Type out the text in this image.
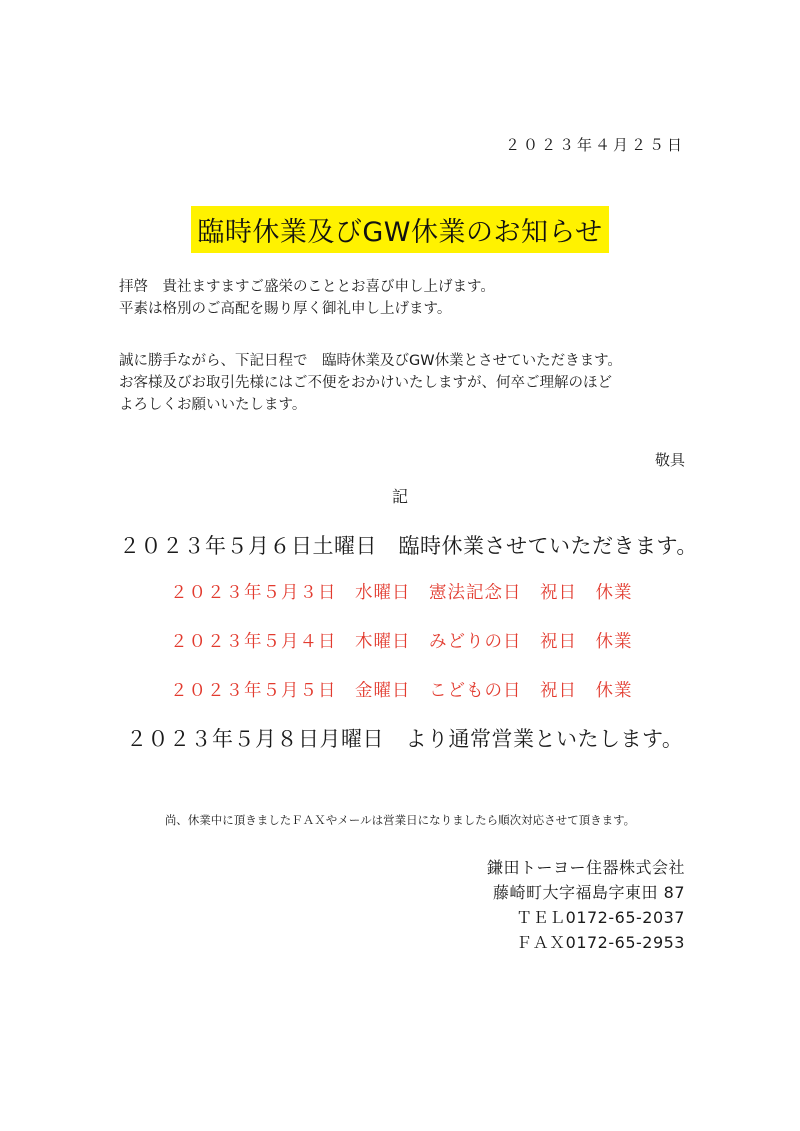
２０２３年４月２５日
臨時休業及びGW休業のお知らせ
拝啓　貴社ますますご盛栄のこととお喜び申し上げます。
平素は格別のご高配を賜り厚く御礼申し上げます。
誠に勝手ながら、下記日程で　臨時休業及びGW休業とさせていただきます。
お客様及びお取引先様にはご不便をおかけいたしますが、何卒ご理解のほど
よろしくお願いいたします。
敬具
記
２０２３年５月６日土曜日　臨時休業させていただきます。
２０２３年５月３日　水曜日　憲法記念日　祝日　休業
２０２３年５月４日　木曜日　みどりの日　祝日　休業
２０２３年５月５日　金曜日　こどもの日　祝日　休業
２０２３年５月８日月曜日　より通常営業といたします。
尚、休業中に頂きましたＦＡＸやメールは営業日になりましたら順次対応させて頂きます。
鎌田トーヨー住器株式会社
藤崎町大字福島字東田 87
ＴＥＬ0172-65-2037
ＦＡＸ0172-65-2953
